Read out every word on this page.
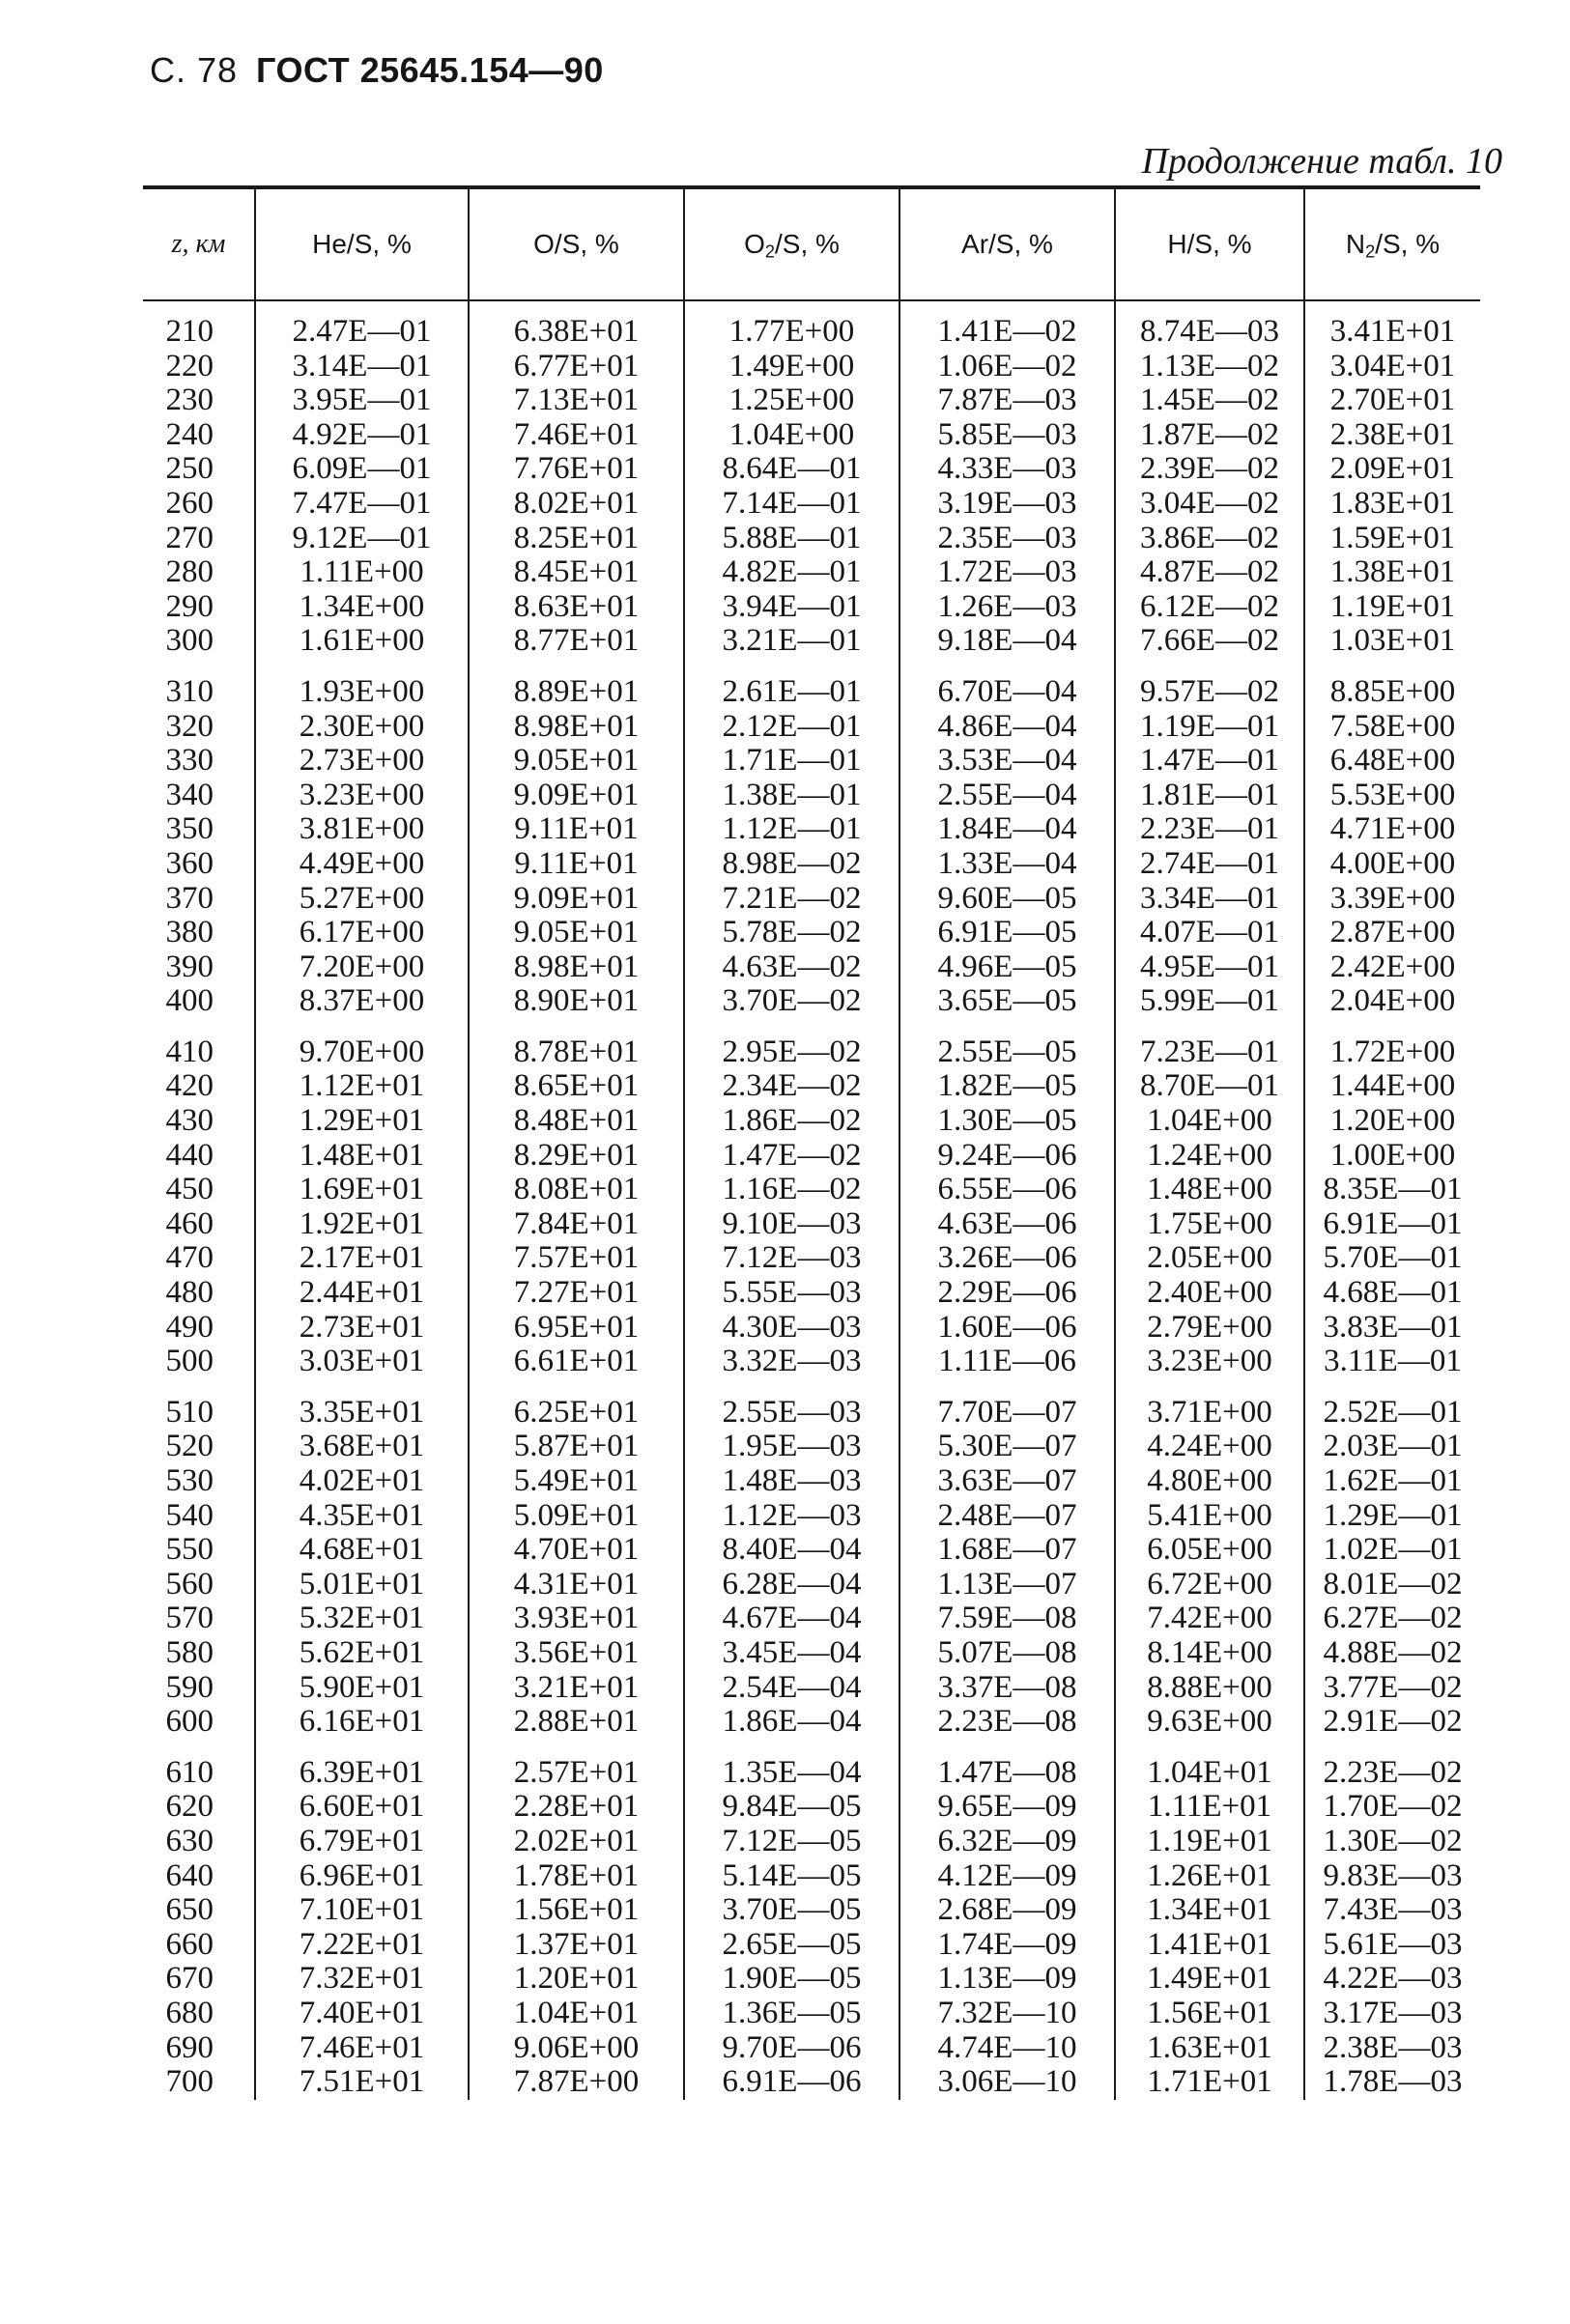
С. 78 ГОСТ 25645.154—90
Продолжение табл. 10
z, км	He/S, %	O/S, %	$O_2/S$, %	Ar/S, %	H/S, %	$N_2/S$, %

210	2.47E—01	6.38E+01	1.77E+00	1.41E—02	8.74E—03	3.41E+01
220	3.14E—01	6.77E+01	1.49E+00	1.06E—02	1.13E—02	3.04E+01
230	3.95E—01	7.13E+01	1.25E+00	7.87E—03	1.45E—02	2.70E+01
240	4.92E—01	7.46E+01	1.04E+00	5.85E—03	1.87E—02	2.38E+01
250	6.09E—01	7.76E+01	8.64E—01	4.33E—03	2.39E—02	2.09E+01
260	7.47E—01	8.02E+01	7.14E—01	3.19E—03	3.04E—02	1.83E+01
270	9.12E—01	8.25E+01	5.88E—01	2.35E—03	3.86E—02	1.59E+01
280	1.11E+00	8.45E+01	4.82E—01	1.72E—03	4.87E—02	1.38E+01
290	1.34E+00	8.63E+01	3.94E—01	1.26E—03	6.12E—02	1.19E+01
300	1.61E+00	8.77E+01	3.21E—01	9.18E—04	7.66E—02	1.03E+01
310	1.93E+00	8.89E+01	2.61E—01	6.70E—04	9.57E—02	8.85E+00
320	2.30E+00	8.98E+01	2.12E—01	4.86E—04	1.19E—01	7.58E+00
330	2.73E+00	9.05E+01	1.71E—01	3.53E—04	1.47E—01	6.48E+00
340	3.23E+00	9.09E+01	1.38E—01	2.55E—04	1.81E—01	5.53E+00
350	3.81E+00	9.11E+01	1.12E—01	1.84E—04	2.23E—01	4.71E+00
360	4.49E+00	9.11E+01	8.98E—02	1.33E—04	2.74E—01	4.00E+00
370	5.27E+00	9.09E+01	7.21E—02	9.60E—05	3.34E—01	3.39E+00
380	6.17E+00	9.05E+01	5.78E—02	6.91E—05	4.07E—01	2.87E+00
390	7.20E+00	8.98E+01	4.63E—02	4.96E—05	4.95E—01	2.42E+00
400	8.37E+00	8.90E+01	3.70E—02	3.65E—05	5.99E—01	2.04E+00
410	9.70E+00	8.78E+01	2.95E—02	2.55E—05	7.23E—01	1.72E+00
420	1.12E+01	8.65E+01	2.34E—02	1.82E—05	8.70E—01	1.44E+00
430	1.29E+01	8.48E+01	1.86E—02	1.30E—05	1.04E+00	1.20E+00
440	1.48E+01	8.29E+01	1.47E—02	9.24E—06	1.24E+00	1.00E+00
450	1.69E+01	8.08E+01	1.16E—02	6.55E—06	1.48E+00	8.35E—01
460	1.92E+01	7.84E+01	9.10E—03	4.63E—06	1.75E+00	6.91E—01
470	2.17E+01	7.57E+01	7.12E—03	3.26E—06	2.05E+00	5.70E—01
480	2.44E+01	7.27E+01	5.55E—03	2.29E—06	2.40E+00	4.68E—01
490	2.73E+01	6.95E+01	4.30E—03	1.60E—06	2.79E+00	3.83E—01
500	3.03E+01	6.61E+01	3.32E—03	1.11E—06	3.23E+00	3.11E—01
510	3.35E+01	6.25E+01	2.55E—03	7.70E—07	3.71E+00	2.52E—01
520	3.68E+01	5.87E+01	1.95E—03	5.30E—07	4.24E+00	2.03E—01
530	4.02E+01	5.49E+01	1.48E—03	3.63E—07	4.80E+00	1.62E—01
540	4.35E+01	5.09E+01	1.12E—03	2.48E—07	5.41E+00	1.29E—01
550	4.68E+01	4.70E+01	8.40E—04	1.68E—07	6.05E+00	1.02E—01
560	5.01E+01	4.31E+01	6.28E—04	1.13E—07	6.72E+00	8.01E—02
570	5.32E+01	3.93E+01	4.67E—04	7.59E—08	7.42E+00	6.27E—02
580	5.62E+01	3.56E+01	3.45E—04	5.07E—08	8.14E+00	4.88E—02
590	5.90E+01	3.21E+01	2.54E—04	3.37E—08	8.88E+00	3.77E—02
600	6.16E+01	2.88E+01	1.86E—04	2.23E—08	9.63E+00	2.91E—02
610	6.39E+01	2.57E+01	1.35E—04	1.47E—08	1.04E+01	2.23E—02
620	6.60E+01	2.28E+01	9.84E—05	9.65E—09	1.11E+01	1.70E—02
630	6.79E+01	2.02E+01	7.12E—05	6.32E—09	1.19E+01	1.30E—02
640	6.96E+01	1.78E+01	5.14E—05	4.12E—09	1.26E+01	9.83E—03
650	7.10E+01	1.56E+01	3.70E—05	2.68E—09	1.34E+01	7.43E—03
660	7.22E+01	1.37E+01	2.65E—05	1.74E—09	1.41E+01	5.61E—03
670	7.32E+01	1.20E+01	1.90E—05	1.13E—09	1.49E+01	4.22E—03
680	7.40E+01	1.04E+01	1.36E—05	7.32E—10	1.56E+01	3.17E—03
690	7.46E+01	9.06E+00	9.70E—06	4.74E—10	1.63E+01	2.38E—03
700	7.51E+01	7.87E+00	6.91E—06	3.06E—10	1.71E+01	1.78E—03
